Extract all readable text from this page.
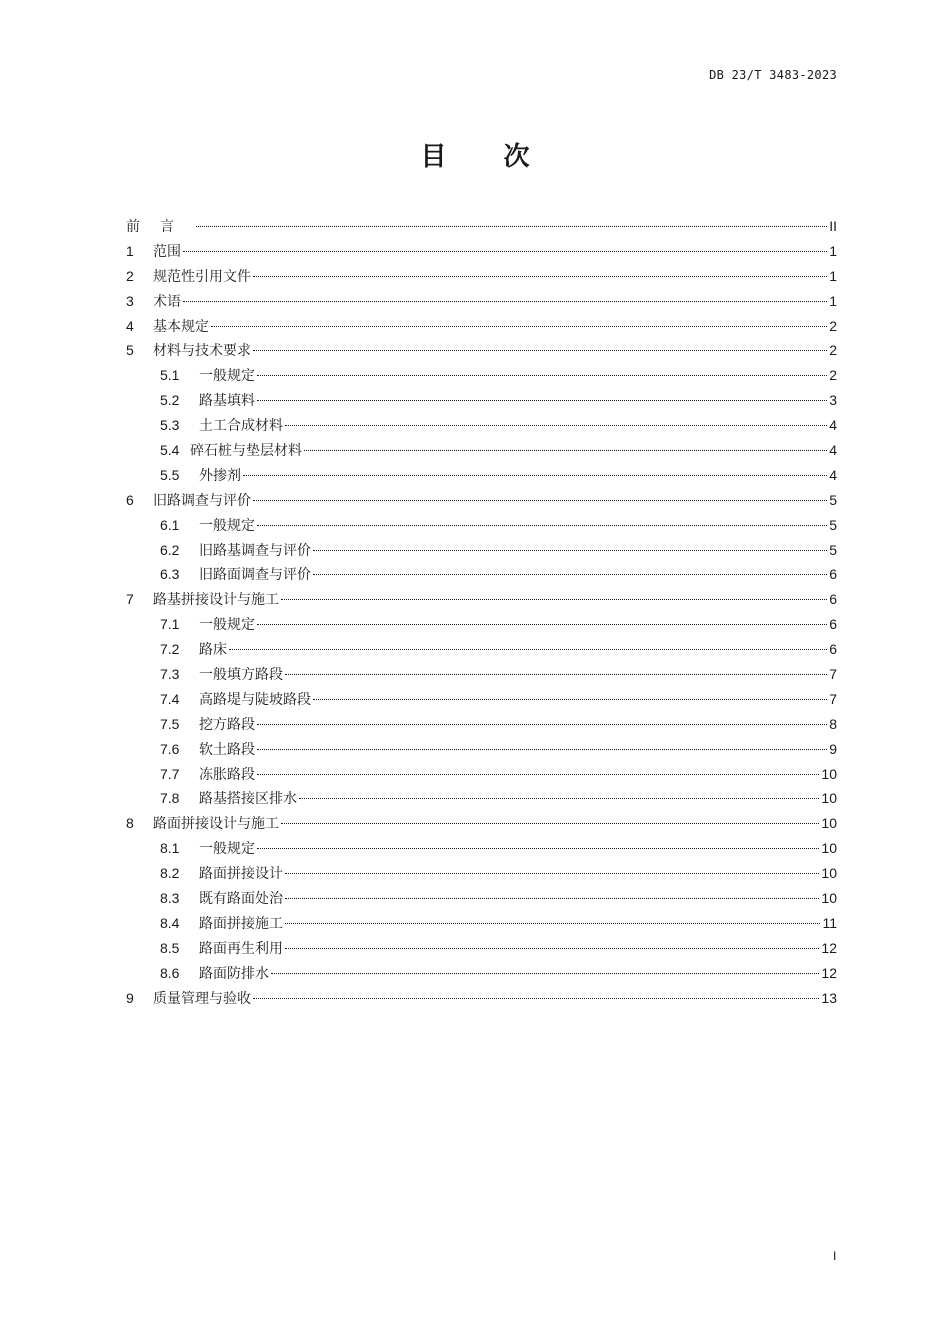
DB 23/T 3483-2023
目 次
前言	II
1	范围	1
2	规范性引用文件	1
3	术语	1
4	基本规定	2
5	材料与技术要求	2
5.1	一般规定	2
5.2	路基填料	3
5.3	土工合成材料	4
5.4 碎石桩与垫层材料	4
5.5	外掺剂	4
6	旧路调查与评价	5
6.1	一般规定	5
6.2	旧路基调查与评价	5
6.3	旧路面调查与评价	6
7	路基拼接设计与施工	6
7.1	一般规定	6
7.2	路床	6
7.3	一般填方路段	7
7.4	高路堤与陡坡路段	7
7.5	挖方路段	8
7.6	软土路段	9
7.7	冻胀路段	10
7.8	路基搭接区排水	10
8	路面拼接设计与施工	10
8.1	一般规定	10
8.2	路面拼接设计	10
8.3	既有路面处治	10
8.4	路面拼接施工	11
8.5	路面再生利用	12
8.6	路面防排水	12
9	质量管理与验收	13
I
